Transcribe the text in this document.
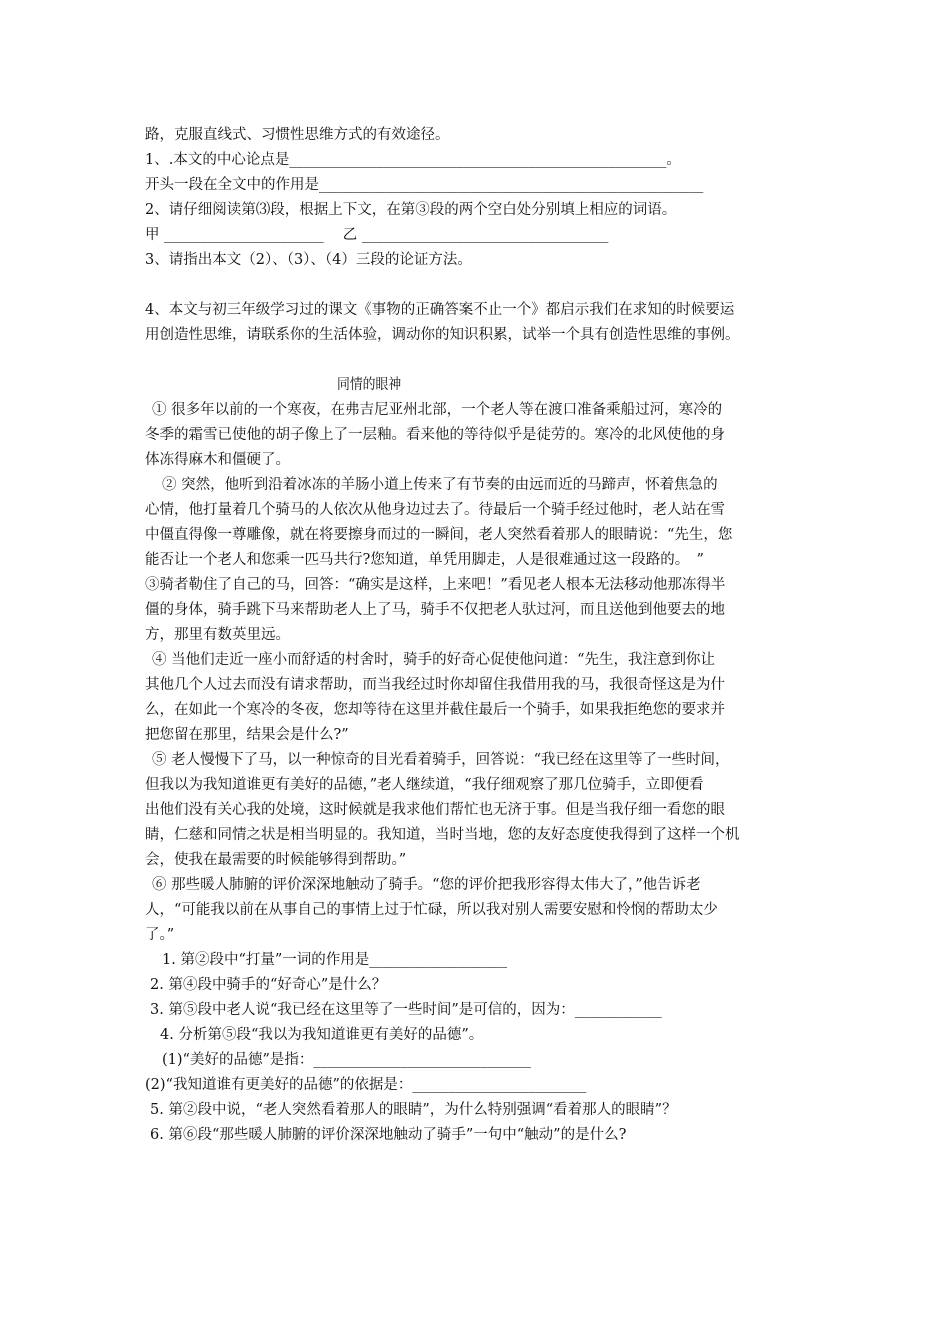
路，克服直线式、习惯性思维方式的有效途径。
1、.本文的中心论点是____________________________________________________。
开头一段在全文中的作用是_____________________________________________________
2、请仔细阅读第⑶段，根据上下文，在第③段的两个空白处分别填上相应的词语。
甲 ______________________　 乙 __________________________________
3、请指出本文（2）、（3）、（4）三段的论证方法。
4、本文与初三年级学习过的课文《事物的正确答案不止一个》都启示我们在求知的时候要运
用创造性思维，请联系你的生活体验，调动你的知识积累，试举一个具有创造性思维的事例。
同情的眼神
① 很多年以前的一个寒夜，在弗吉尼亚州北部，一个老人等在渡口准备乘船过河，寒冷的
冬季的霜雪已使他的胡子像上了一层釉。看来他的等待似乎是徒劳的。寒冷的北风使他的身
体冻得麻木和僵硬了。
② 突然，他听到沿着冰冻的羊肠小道上传来了有节奏的由远而近的马蹄声，怀着焦急的
心情，他打量着几个骑马的人依次从他身边过去了。待最后一个骑手经过他时，老人站在雪
中僵直得像一尊雕像，就在将要擦身而过的一瞬间，老人突然看着那人的眼睛说：“先生，您
能否让一个老人和您乘一匹马共行?您知道，单凭用脚走，人是很难通过这一段路的。　”
③骑者勒住了自己的马，回答：“确实是这样，上来吧！”看见老人根本无法移动他那冻得半
僵的身体，骑手跳下马来帮助老人上了马，骑手不仅把老人驮过河，而且送他到他要去的地
方，那里有数英里远。
④ 当他们走近一座小而舒适的村舍时，骑手的好奇心促使他问道：“先生，我注意到你让
其他几个人过去而没有请求帮助，而当我经过时你却留住我借用我的马，我很奇怪这是为什
么，在如此一个寒冷的冬夜，您却等待在这里并截住最后一个骑手，如果我拒绝您的要求并
把您留在那里，结果会是什么?”
⑤ 老人慢慢下了马，以一种惊奇的目光看着骑手，回答说：“我已经在这里等了一些时间，
但我以为我知道谁更有美好的品德，”老人继续道，“我仔细观察了那几位骑手，立即便看
出他们没有关心我的处境，这时候就是我求他们帮忙也无济于事。但是当我仔细一看您的眼
睛，仁慈和同情之状是相当明显的。我知道，当时当地，您的友好态度使我得到了这样一个机
会，使我在最需要的时候能够得到帮助。”
⑥ 那些暖人肺腑的评价深深地触动了骑手。“您的评价把我形容得太伟大了，”他告诉老
人，“可能我以前在从事自己的事情上过于忙碌，所以我对别人需要安慰和怜悯的帮助太少
了。”
1. 第②段中“打量”一词的作用是___________________
2. 第④段中骑手的“好奇心”是什么？
3. 第⑤段中老人说“我已经在这里等了一些时间”是可信的，因为：____________
4. 分析第⑤段“我以为我知道谁更有美好的品德”。
(1)“美好的品德”是指：______________________________
(2)“我知道谁有更美好的品德”的依据是：________________________
5. 第②段中说，“老人突然看着那人的眼睛”，为什么特别强调“看着那人的眼睛”？
6. 第⑥段“那些暖人肺腑的评价深深地触动了骑手”一句中“触动”的是什么?
